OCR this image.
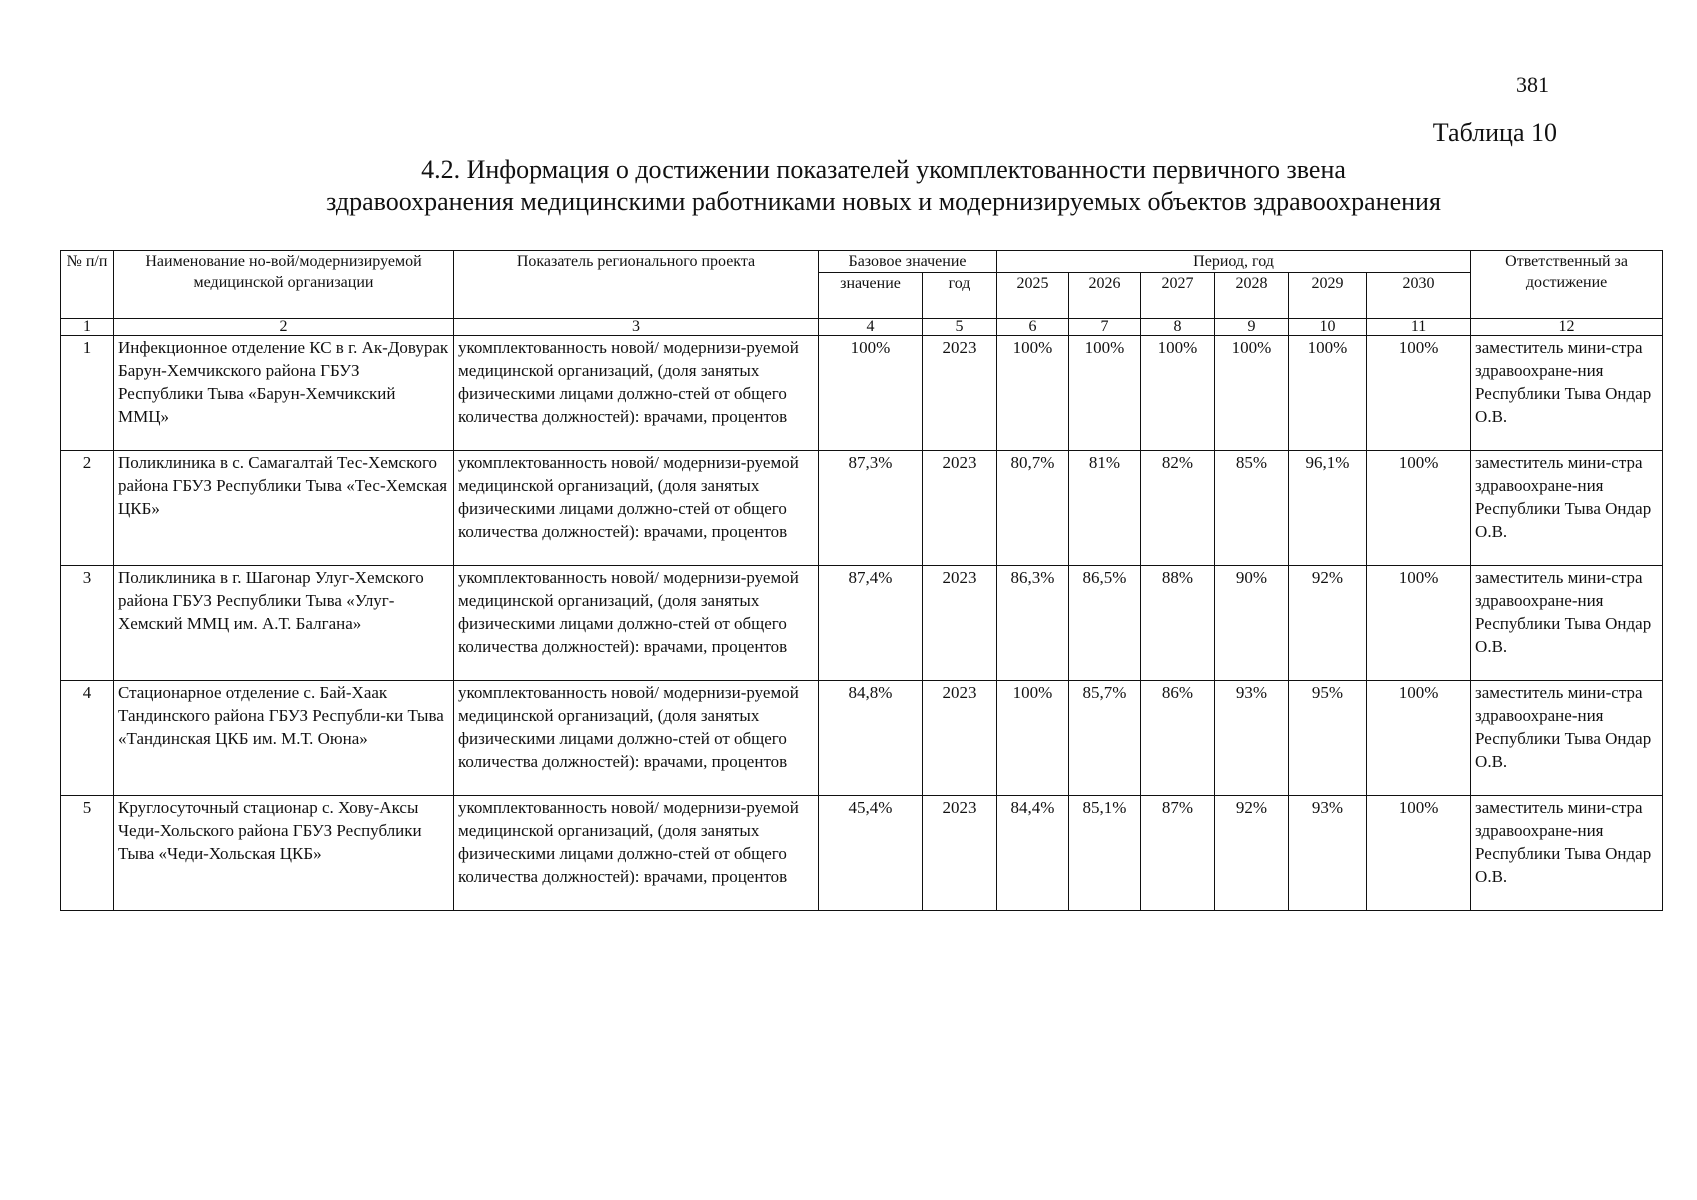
381
Таблица 10
4.2. Информация о достижении показателей укомплектованности первичного звена
здравоохранения медицинскими работниками новых и модернизируемых объектов здравоохранения
№ п/п	Наименование но-вой/модернизируемой медицинской организации	Показатель регионального проекта	Базовое значение		Период, год						Ответственный за достижение
			значение	год	2025	2026	2027	2028	2029	2030	
1	2	3	4	5	6	7	8	9	10	11	12
1	Инфекционное отделение КС в г. Ак-Довурак Барун-Хемчикского района ГБУЗ Республики Тыва «Барун-Хемчикский ММЦ»	укомплектованность новой/ модернизи-руемой медицинской организаций, (доля занятых физическими лицами должно-стей от общего количества должностей): врачами, процентов	100%	2023	100%	100%	100%	100%	100%	100%	заместитель мини-стра здравоохране-ния Республики Тыва Ондар О.В.
2	Поликлиника в с. Самагалтай Тес-Хемского района ГБУЗ Республики Тыва «Тес-Хемская ЦКБ»	укомплектованность новой/ модернизи-руемой медицинской организаций, (доля занятых физическими лицами должно-стей от общего количества должностей): врачами, процентов	87,3%	2023	80,7%	81%	82%	85%	96,1%	100%	заместитель мини-стра здравоохране-ния Республики Тыва Ондар О.В.
3	Поликлиника в г. Шагонар Улуг-Хемского района ГБУЗ Республики Тыва «Улуг-Хемский ММЦ им. А.Т. Балгана»	укомплектованность новой/ модернизи-руемой медицинской организаций, (доля занятых физическими лицами должно-стей от общего количества должностей): врачами, процентов	87,4%	2023	86,3%	86,5%	88%	90%	92%	100%	заместитель мини-стра здравоохране-ния Республики Тыва Ондар О.В.
4	Стационарное отделение с. Бай-Хаак Тандинского района ГБУЗ Республи-ки Тыва «Тандинская ЦКБ им. М.Т. Оюна»	укомплектованность новой/ модернизи-руемой медицинской организаций, (доля занятых физическими лицами должно-стей от общего количества должностей): врачами, процентов	84,8%	2023	100%	85,7%	86%	93%	95%	100%	заместитель мини-стра здравоохране-ния Республики Тыва Ондар О.В.
5	Круглосуточный стационар с. Хову-Аксы Чеди-Хольского района ГБУЗ Республики Тыва «Чеди-Хольская ЦКБ»	укомплектованность новой/ модернизи-руемой медицинской организаций, (доля занятых физическими лицами должно-стей от общего количества должностей): врачами, процентов	45,4%	2023	84,4%	85,1%	87%	92%	93%	100%	заместитель мини-стра здравоохране-ния Республики Тыва Ондар О.В.
